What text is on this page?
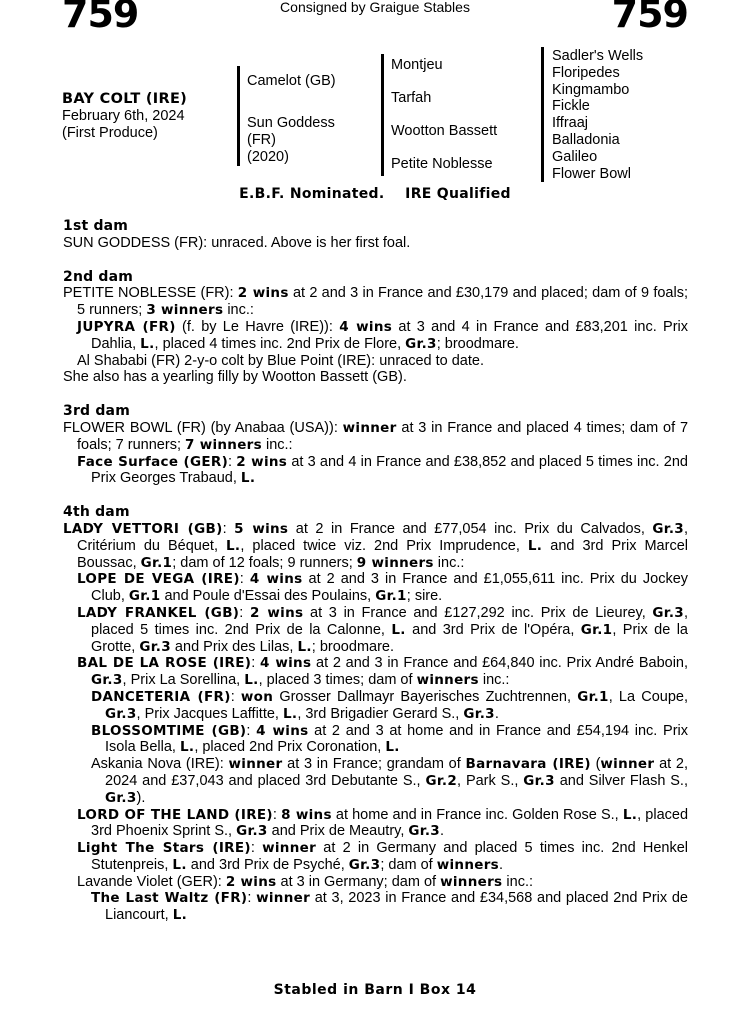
759	Consigned by Graigue Stables	759
BAY COLT (IRE)
February 6th, 2024
(First Produce)
Camelot (GB)
Sun Goddess
(FR)
(2020)
Montjeu
Tarfah
Wootton Bassett
Petite Noblesse
Sadler's Wells
Floripedes
Kingmambo
Fickle
Iffraaj
Balladonia
Galileo
Flower Bowl
E.B.F. Nominated.    IRE Qualified
1st dam
SUN GODDESS (FR): unraced. Above is her first foal.
2nd dam
PETITE NOBLESSE (FR): 2 wins at 2 and 3 in France and £30,179 and placed; dam of 9 foals; 5 runners; 3 winners inc.:
JUPYRA (FR) (f. by Le Havre (IRE)): 4 wins at 3 and 4 in France and £83,201 inc. Prix Dahlia, L., placed 4 times inc. 2nd Prix de Flore, Gr.3; broodmare.
Al Shababi (FR) 2-y-o colt by Blue Point (IRE): unraced to date.
She also has a yearling filly by Wootton Bassett (GB).
3rd dam
FLOWER BOWL (FR) (by Anabaa (USA)): winner at 3 in France and placed 4 times; dam of 7 foals; 7 runners; 7 winners inc.:
Face Surface (GER): 2 wins at 3 and 4 in France and £38,852 and placed 5 times inc. 2nd Prix Georges Trabaud, L.
4th dam
LADY VETTORI (GB): 5 wins at 2 in France and £77,054 inc. Prix du Calvados, Gr.3, Critérium du Béquet, L., placed twice viz. 2nd Prix Imprudence, L. and 3rd Prix Marcel Boussac, Gr.1; dam of 12 foals; 9 runners; 9 winners inc.:
LOPE DE VEGA (IRE): 4 wins at 2 and 3 in France and £1,055,611 inc. Prix du Jockey Club, Gr.1 and Poule d'Essai des Poulains, Gr.1; sire.
LADY FRANKEL (GB): 2 wins at 3 in France and £127,292 inc. Prix de Lieurey, Gr.3, placed 5 times inc. 2nd Prix de la Calonne, L. and 3rd Prix de l'Opéra, Gr.1, Prix de la Grotte, Gr.3 and Prix des Lilas, L.; broodmare.
BAL DE LA ROSE (IRE): 4 wins at 2 and 3 in France and £64,840 inc. Prix André Baboin, Gr.3, Prix La Sorellina, L., placed 3 times; dam of winners inc.:
DANCETERIA (FR): won Grosser Dallmayr Bayerisches Zuchtrennen, Gr.1, La Coupe, Gr.3, Prix Jacques Laffitte, L., 3rd Brigadier Gerard S., Gr.3.
BLOSSOMTIME (GB): 4 wins at 2 and 3 at home and in France and £54,194 inc. Prix Isola Bella, L., placed 2nd Prix Coronation, L.
Askania Nova (IRE): winner at 3 in France; grandam of Barnavara (IRE) (winner at 2, 2024 and £37,043 and placed 3rd Debutante S., Gr.2, Park S., Gr.3 and Silver Flash S., Gr.3).
LORD OF THE LAND (IRE): 8 wins at home and in France inc. Golden Rose S., L., placed 3rd Phoenix Sprint S., Gr.3 and Prix de Meautry, Gr.3.
Light The Stars (IRE): winner at 2 in Germany and placed 5 times inc. 2nd Henkel Stutenpreis, L. and 3rd Prix de Psyché, Gr.3; dam of winners.
Lavande Violet (GER): 2 wins at 3 in Germany; dam of winners inc.:
The Last Waltz (FR): winner at 3, 2023 in France and £34,568 and placed 2nd Prix de Liancourt, L.
Stabled in Barn I Box 14
